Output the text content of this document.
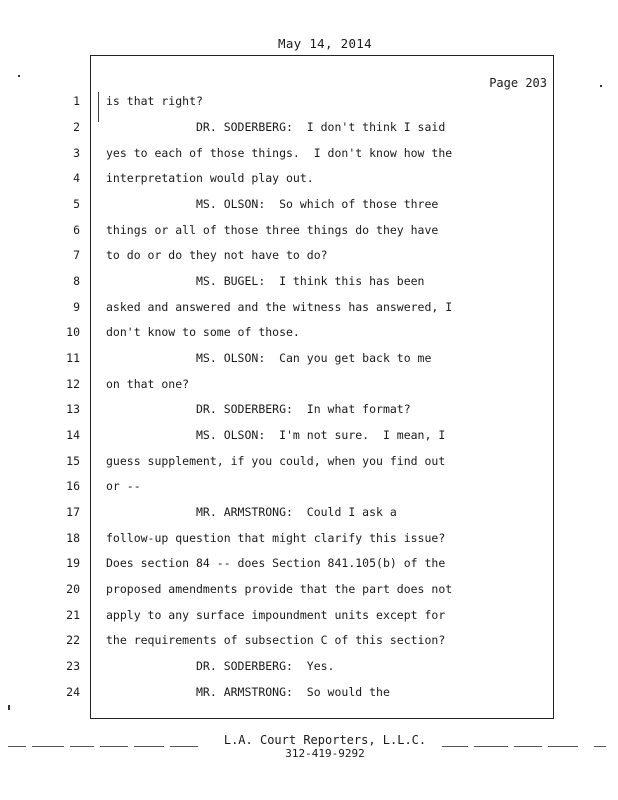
May 14, 2014
Page 203
1 is that right?
2 DR. SODERBERG:  I don't think I said
3 yes to each of those things.  I don't know how the
4 interpretation would play out.
5 MS. OLSON:  So which of those three
6 things or all of those three things do they have
7 to do or do they not have to do?
8 MS. BUGEL:  I think this has been
9 asked and answered and the witness has answered, I
10 don't know to some of those.
11 MS. OLSON:  Can you get back to me
12 on that one?
13 DR. SODERBERG:  In what format?
14 MS. OLSON:  I'm not sure.  I mean, I
15 guess supplement, if you could, when you find out
16 or --
17 MR. ARMSTRONG:  Could I ask a
18 follow-up question that might clarify this issue?
19 Does section 84 -- does Section 841.105(b) of the
20 proposed amendments provide that the part does not
21 apply to any surface impoundment units except for
22 the requirements of subsection C of this section?
23 DR. SODERBERG:  Yes.
24 MR. ARMSTRONG:  So would the
L.A. Court Reporters, L.L.C.
312-419-9292
